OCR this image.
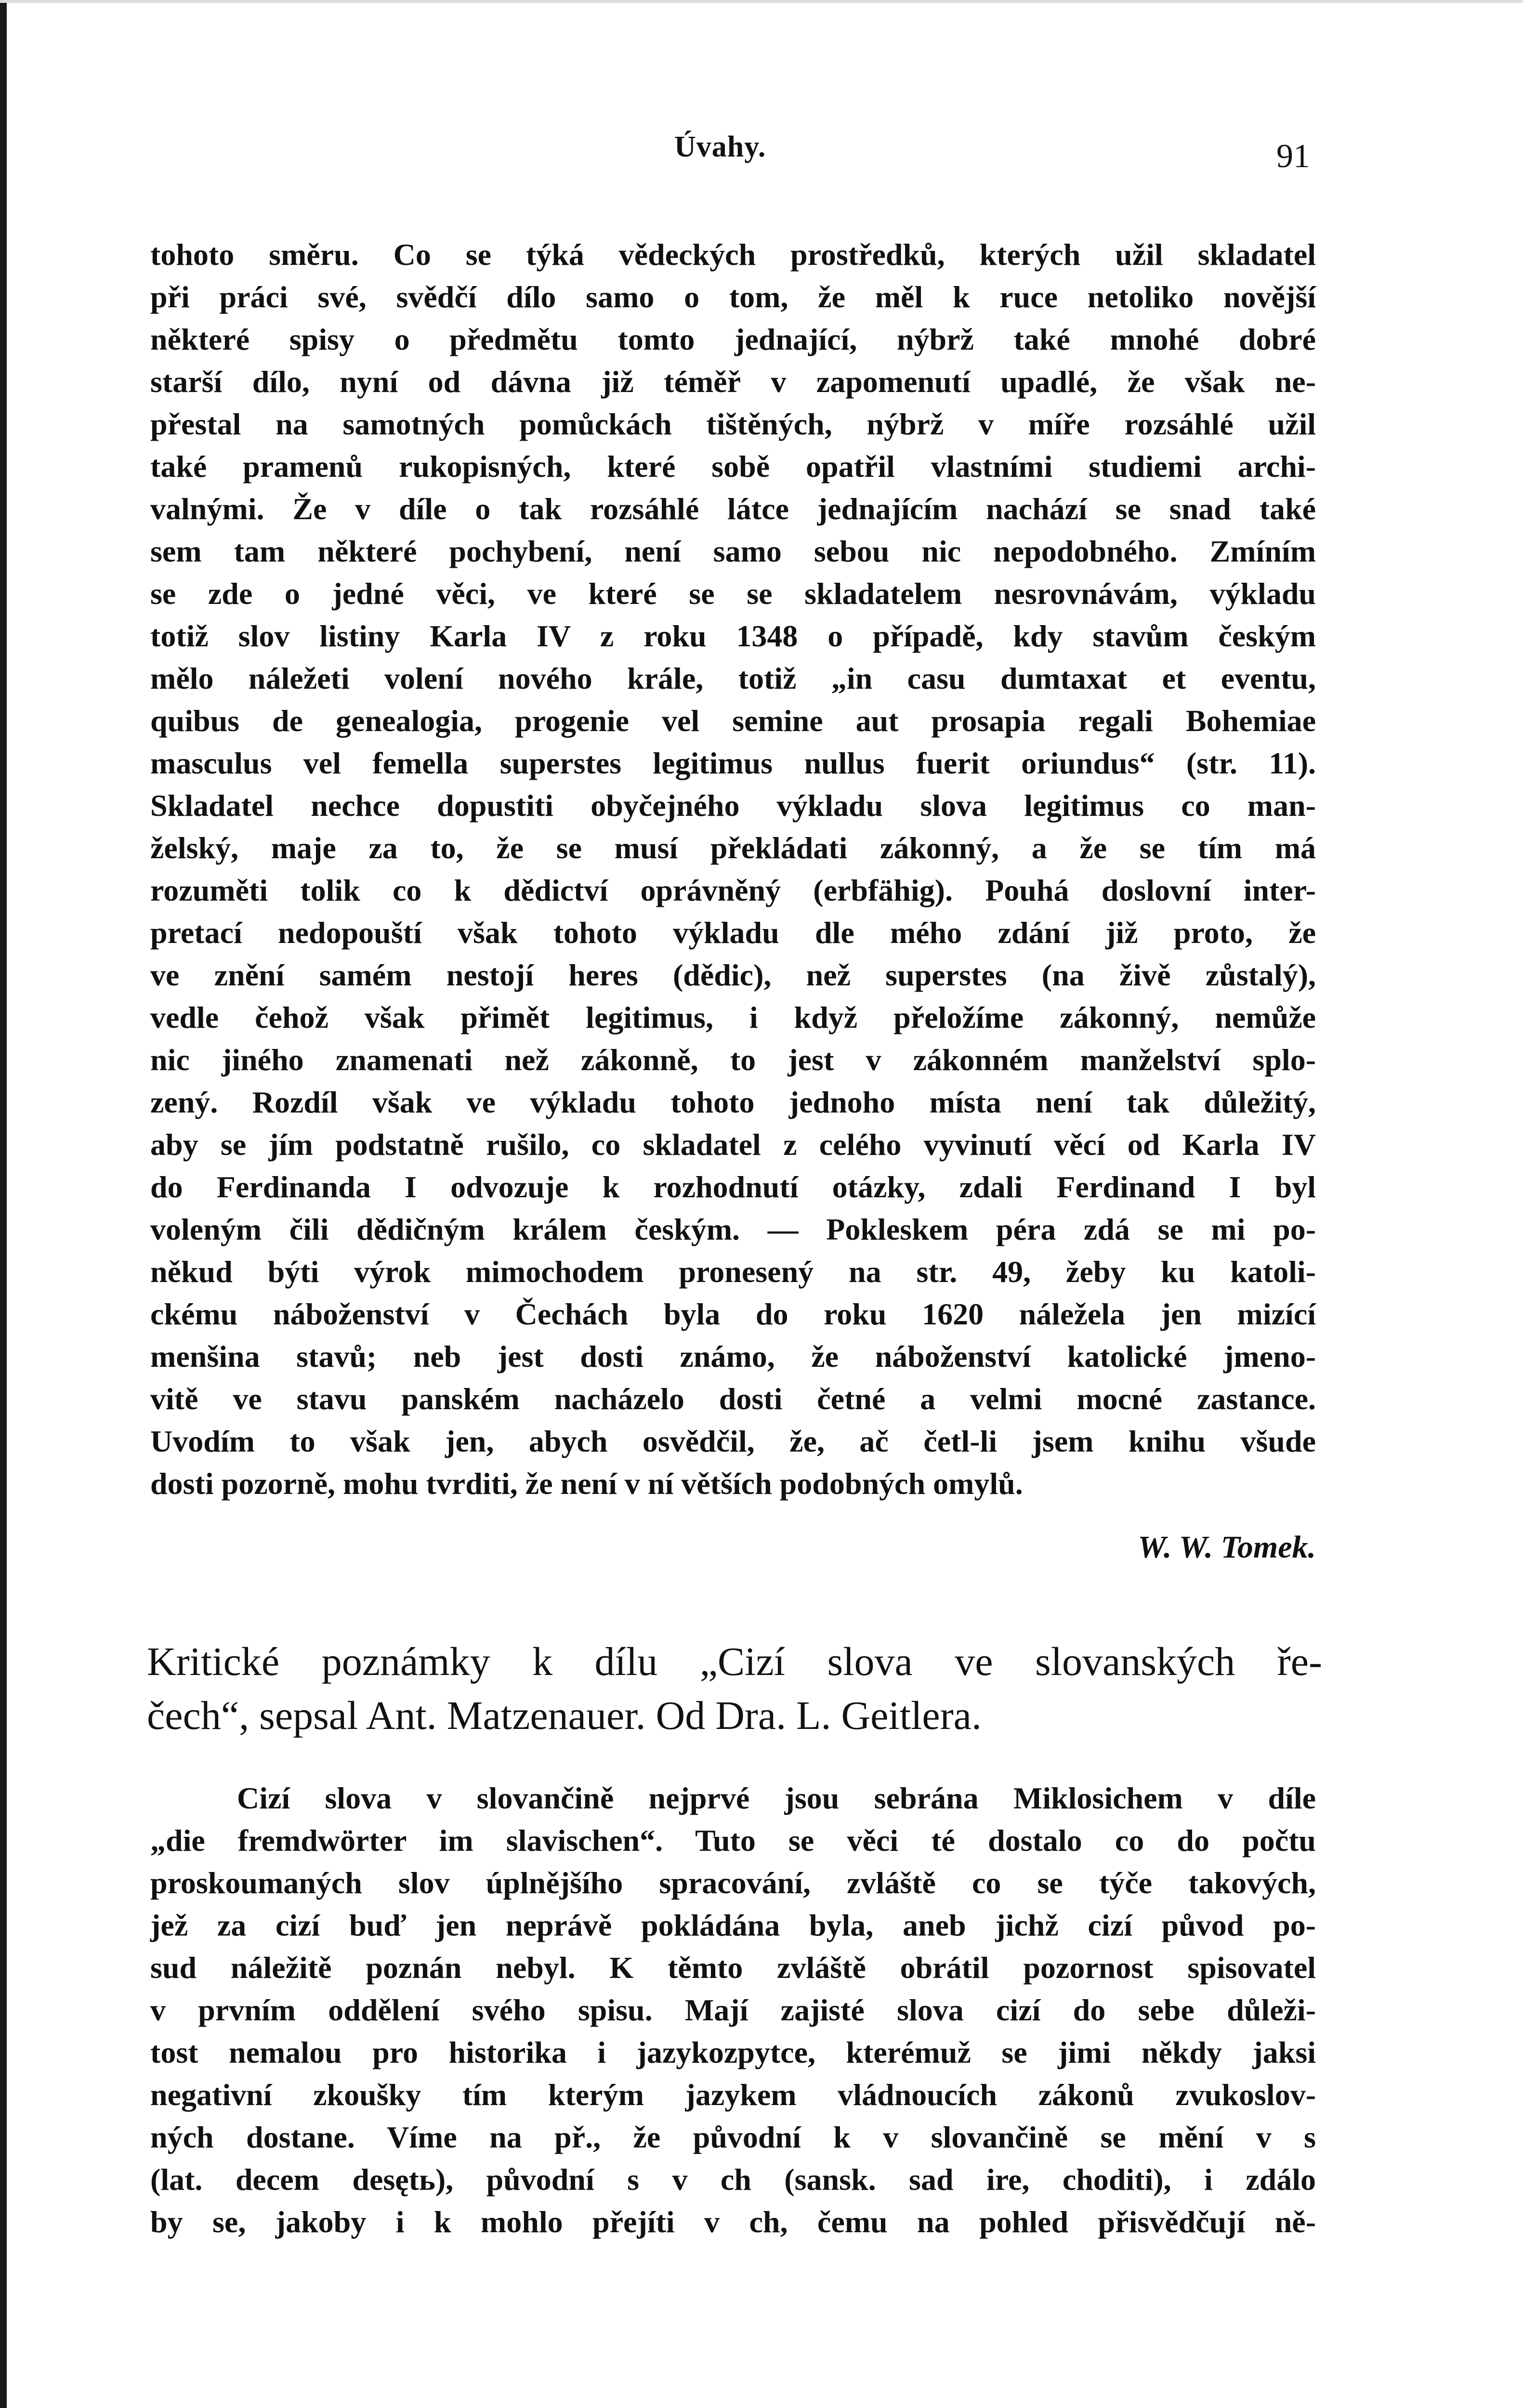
Úvahy.	91
tohoto směru. Co se týká vědeckých prostředků, kterých užil skladatel
při práci své, svědčí dílo samo o tom, že měl k ruce netoliko novější
některé spisy o předmětu tomto jednající, nýbrž také mnohé dobré
starší dílo, nyní od dávna již téměř v zapomenutí upadlé, že však ne-
přestal na samotných pomůckách tištěných, nýbrž v míře rozsáhlé užil
také pramenů rukopisných, které sobě opatřil vlastními studiemi archi-
valnými. Že v díle o tak rozsáhlé látce jednajícím nachází se snad také
sem tam některé pochybení, není samo sebou nic nepodobného. Zmíním
se zde o jedné věci, ve které se se skladatelem nesrovnávám, výkladu
totiž slov listiny Karla IV z roku 1348 o případě, kdy stavům českým
mělo náležeti volení nového krále, totiž „in casu dumtaxat et eventu,
quibus de genealogia, progenie vel semine aut prosapia regali Bohemiae
masculus vel femella superstes legitimus nullus fuerit oriundus“ (str. 11).
Skladatel nechce dopustiti obyčejného výkladu slova legitimus co man-
želský, maje za to, že se musí překládati zákonný, a že se tím má
rozuměti tolik co k dědictví oprávněný (erbfähig). Pouhá doslovní inter-
pretací nedopouští však tohoto výkladu dle mého zdání již proto, že
ve znění samém nestojí heres (dědic), než superstes (na živě zůstalý),
vedle čehož však přimět legitimus, i když přeložíme zákonný, nemůže
nic jiného znamenati než zákonně, to jest v zákonném manželství splo-
zený. Rozdíl však ve výkladu tohoto jednoho místa není tak důležitý,
aby se jím podstatně rušilo, co skladatel z celého vyvinutí věcí od Karla IV
do Ferdinanda I odvozuje k rozhodnutí otázky, zdali Ferdinand I byl
voleným čili dědičným králem českým. — Pokleskem péra zdá se mi po-
někud býti výrok mimochodem pronesený na str. 49, žeby ku katoli-
ckému náboženství v Čechách byla do roku 1620 náležela jen mizící
menšina stavů; neb jest dosti známo, že náboženství katolické jmeno-
vitě ve stavu panském nacházelo dosti četné a velmi mocné zastance.
Uvodím to však jen, abych osvědčil, že, ač četl-li jsem knihu všude
dosti pozorně, mohu tvrditi, že není v ní větších podobných omylů.
W. W. Tomek.
Kritické poznámky k dílu „Cizí slova ve slovanských ře-
čech“, sepsal Ant. Matzenauer. Od Dra. L. Geitlera.
Cizí slova v slovančině nejprvé jsou sebrána Miklosichem v díle
„die fremdwörter im slavischen“. Tuto se věci té dostalo co do počtu
proskoumaných slov úplnějšího spracování, zvláště co se týče takových,
jež za cizí buď jen neprávě pokládána byla, aneb jichž cizí původ po-
sud náležitě poznán nebyl. K těmto zvláště obrátil pozornost spisovatel
v prvním oddělení svého spisu. Mají zajisté slova cizí do sebe důleži-
tost nemalou pro historika i jazykozpytce, kterémuž se jimi někdy jaksi
negativní zkoušky tím kterým jazykem vládnoucích zákonů zvukoslov-
ných dostane. Víme na př., že původní k v slovančině se mění v s
(lat. decem desętь), původní s v ch (sansk. sad ire, choditi), i zdálo
by se, jakoby i k mohlo přejíti v ch, čemu na pohled přisvědčují ně-
